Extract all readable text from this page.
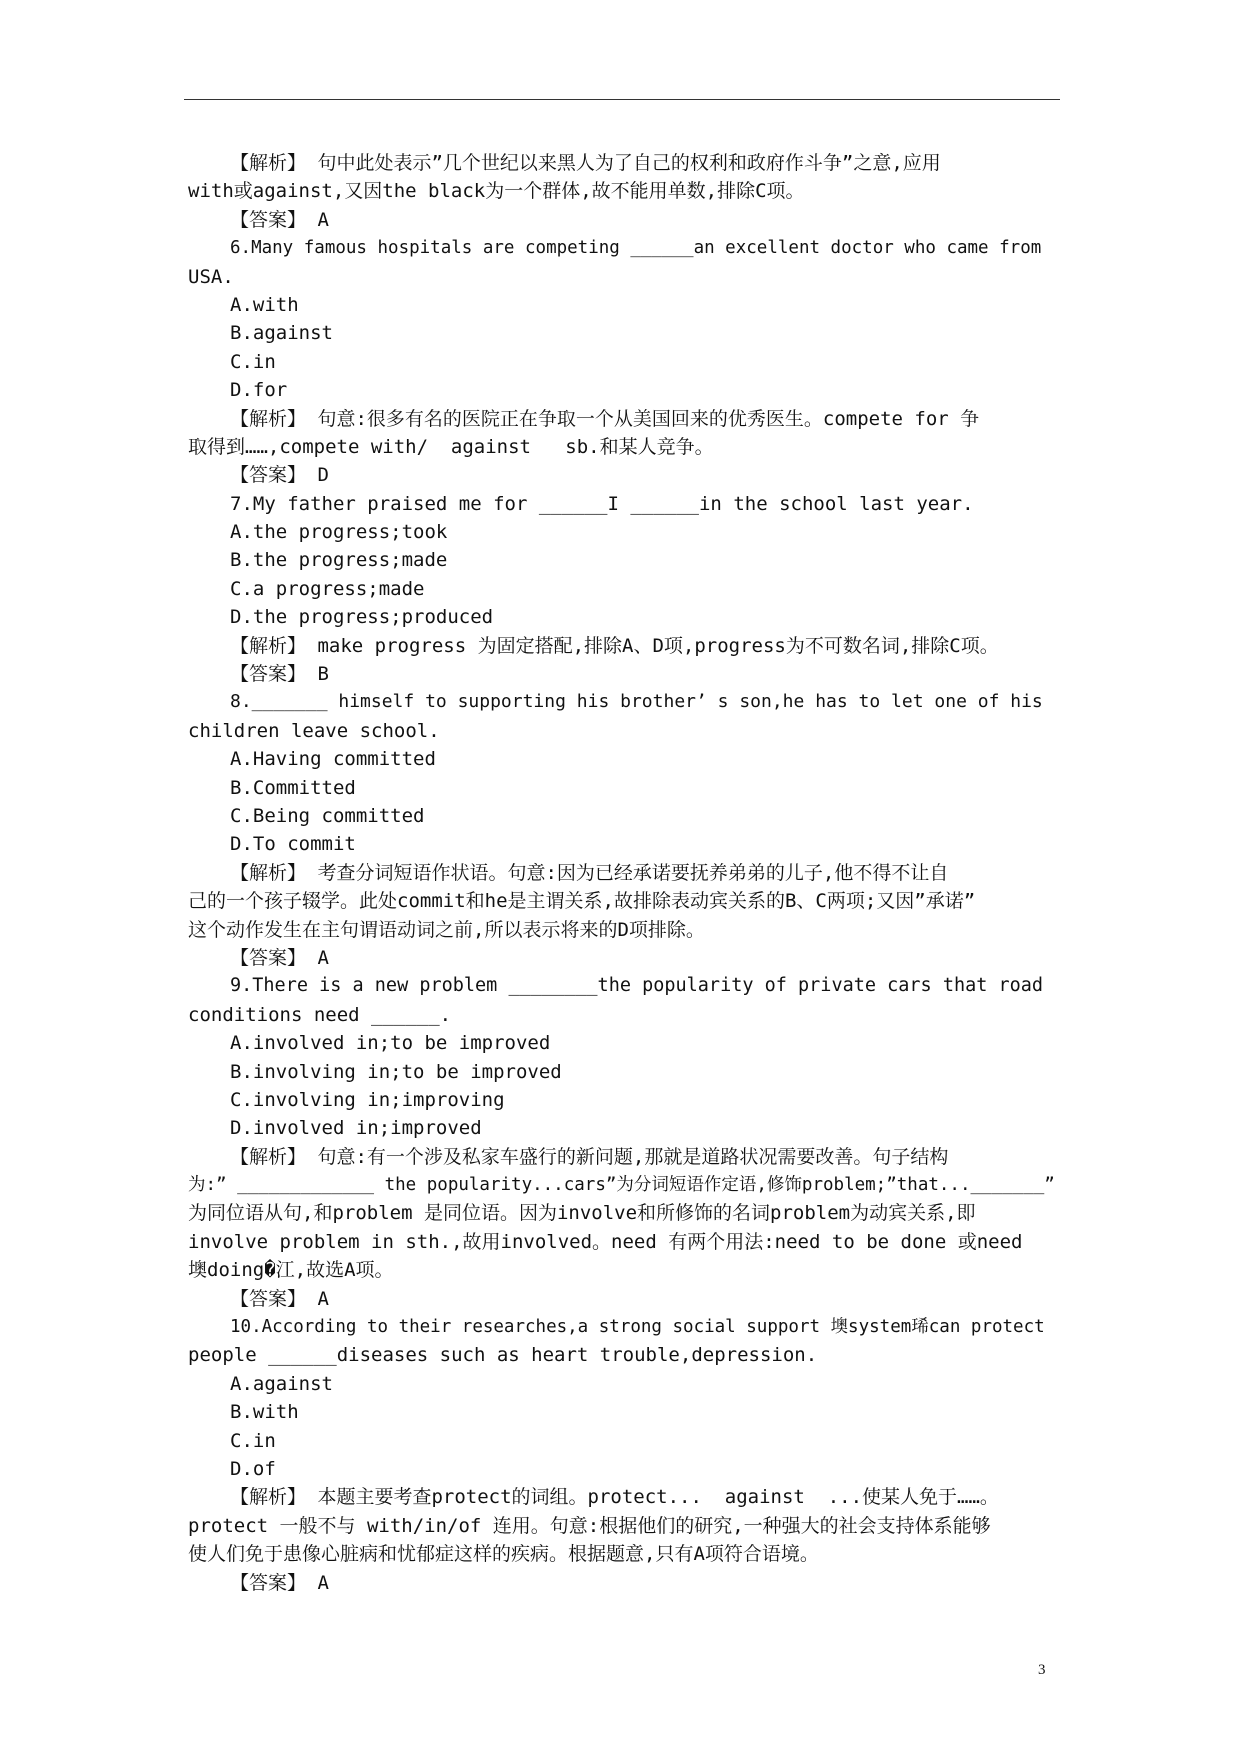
【解析】 句中此处表示”几个世纪以来黑人为了自己的权利和政府作斗争”之意,应用
with或against,又因the black为一个群体,故不能用单数,排除C项。
【答案】 A
6.Many famous hospitals are competing ______an excellent doctor who came from
USA.
A.with
B.against
C.in
D.for
【解析】 句意:很多有名的医院正在争取一个从美国回来的优秀医生。compete for 争
取得到……,compete with/  against   sb.和某人竞争。
【答案】 D
7.My father praised me for ______I ______in the school last year.
A.the progress;took
B.the progress;made
C.a progress;made
D.the progress;produced
【解析】 make progress 为固定搭配,排除A、D项,progress为不可数名词,排除C项。
【答案】 B
8._______ himself to supporting his brother’ s son,he has to let one of his
children leave school.
A.Having committed
B.Committed
C.Being committed
D.To commit
【解析】 考查分词短语作状语。句意:因为已经承诺要抚养弟弟的儿子,他不得不让自
己的一个孩子辍学。此处commit和he是主谓关系,故排除表动宾关系的B、C两项;又因”承诺”
这个动作发生在主句谓语动词之前,所以表示将来的D项排除。
【答案】 A
9.There is a new problem ________the popularity of private cars that road
conditions need ______.
A.involved in;to be improved
B.involving in;to be improved
C.involving in;improving
D.involved in;improved
【解析】 句意:有一个涉及私家车盛行的新问题,那就是道路状况需要改善。句子结构
为:” _____________ the popularity...cars”为分词短语作定语,修饰problem;”that..._______”
为同位语从句,和problem 是同位语。因为involve和所修饰的名词problem为动宾关系,即
involve problem in sth.,故用involved。need 有两个用法:need to be done 或need
墺doing�江,故选A项。
【答案】 A
10.According to their researches,a strong social support 墺system琋can protect
people ______diseases such as heart trouble,depression.
A.against
B.with
C.in
D.of
【解析】 本题主要考查protect的词组。protect...  against  ...使某人免于……。
protect 一般不与 with/in/of 连用。句意:根据他们的研究,一种强大的社会支持体系能够
使人们免于患像心脏病和忧郁症这样的疾病。根据题意,只有A项符合语境。
【答案】 A
3
